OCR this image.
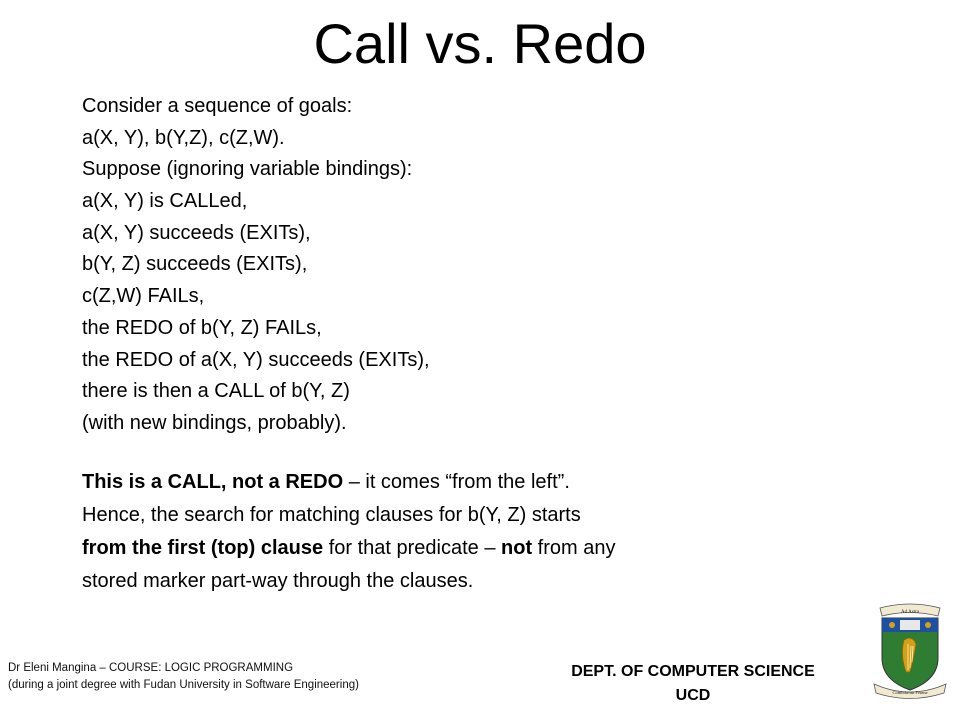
Call vs. Redo
Consider a sequence of goals:
a(X, Y), b(Y,Z), c(Z,W).
Suppose (ignoring variable bindings):
a(X, Y) is CALLed,
a(X, Y) succeeds (EXITs),
b(Y, Z) succeeds (EXITs),
c(Z,W) FAILs,
the REDO of b(Y, Z) FAILs,
the REDO of a(X, Y) succeeds (EXITs),
there is then a CALL of b(Y, Z)
(with new bindings, probably).
This is a CALL, not a REDO – it comes “from the left”.
Hence, the search for matching clauses for b(Y, Z) starts
from the first (top) clause for that predicate – not from any
stored marker part-way through the clauses.
Dr Eleni Mangina – COURSE: LOGIC PROGRAMMING
(during a joint degree with Fudan University in Software Engineering)
DEPT. OF COMPUTER SCIENCE
UCD
Ad Astra
Comhthrom Féinne
